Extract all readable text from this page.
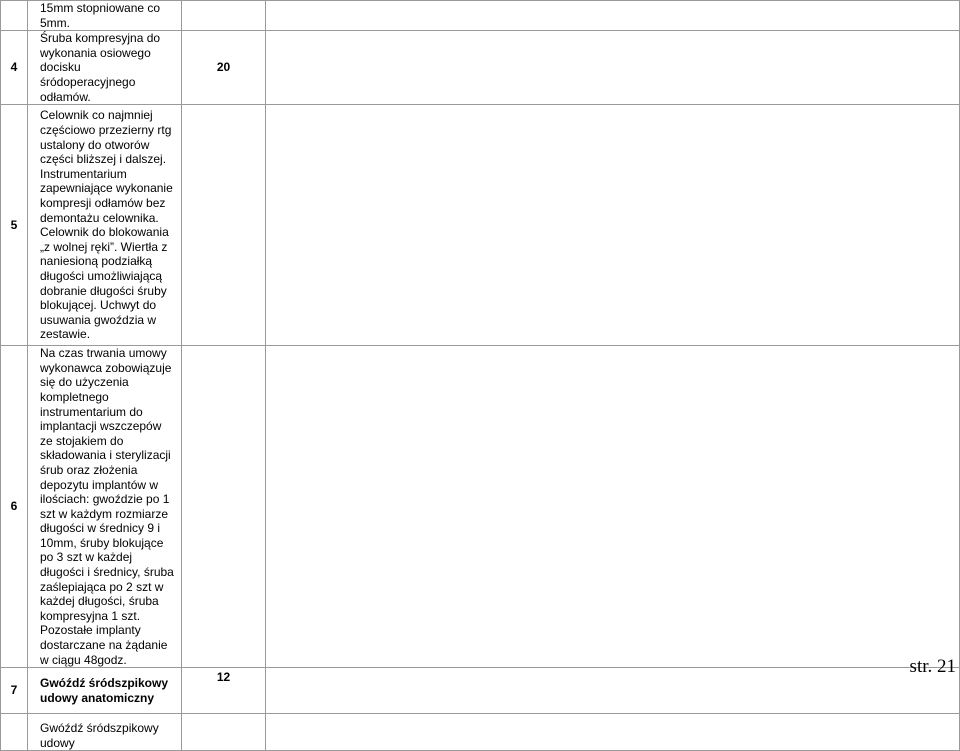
	15mm stopniowane co 5mm.		

4	Śruba kompresyjna do wykonania osiowego docisku śródoperacyjnego odłamów.	20	
5	Celownik co najmniej częściowo przezierny rtg ustalony do otworów części bliższej i dalszej. Instrumentarium zapewniające wykonanie kompresji odłamów bez demontażu celownika. Celownik do blokowania „z wolnej ręki”. Wiertła z naniesioną podziałką długości umożliwiającą dobranie długości śruby blokującej. Uchwyt do usuwania gwoździa w zestawie.		

6	Na czas trwania umowy wykonawca zobowiązuje się do użyczenia kompletnego instrumentarium do implantacji wszczepów ze stojakiem do składowania i sterylizacji śrub oraz złożenia depozytu implantów w ilościach: gwoździe po 1 szt w każdym rozmiarze długości w średnicy 9 i 10mm, śruby blokujące po 3 szt w każdej długości i średnicy, śruba zaślepiająca po 2 szt w każdej długości, śruba kompresyjna 1 szt. Pozostałe implanty dostarczane na żądanie w ciągu 48godz.		

7	Gwóźdź śródszpikowy udowy anatomiczny	12	

	Gwóźdź śródszpikowy udowy		

str. 21
